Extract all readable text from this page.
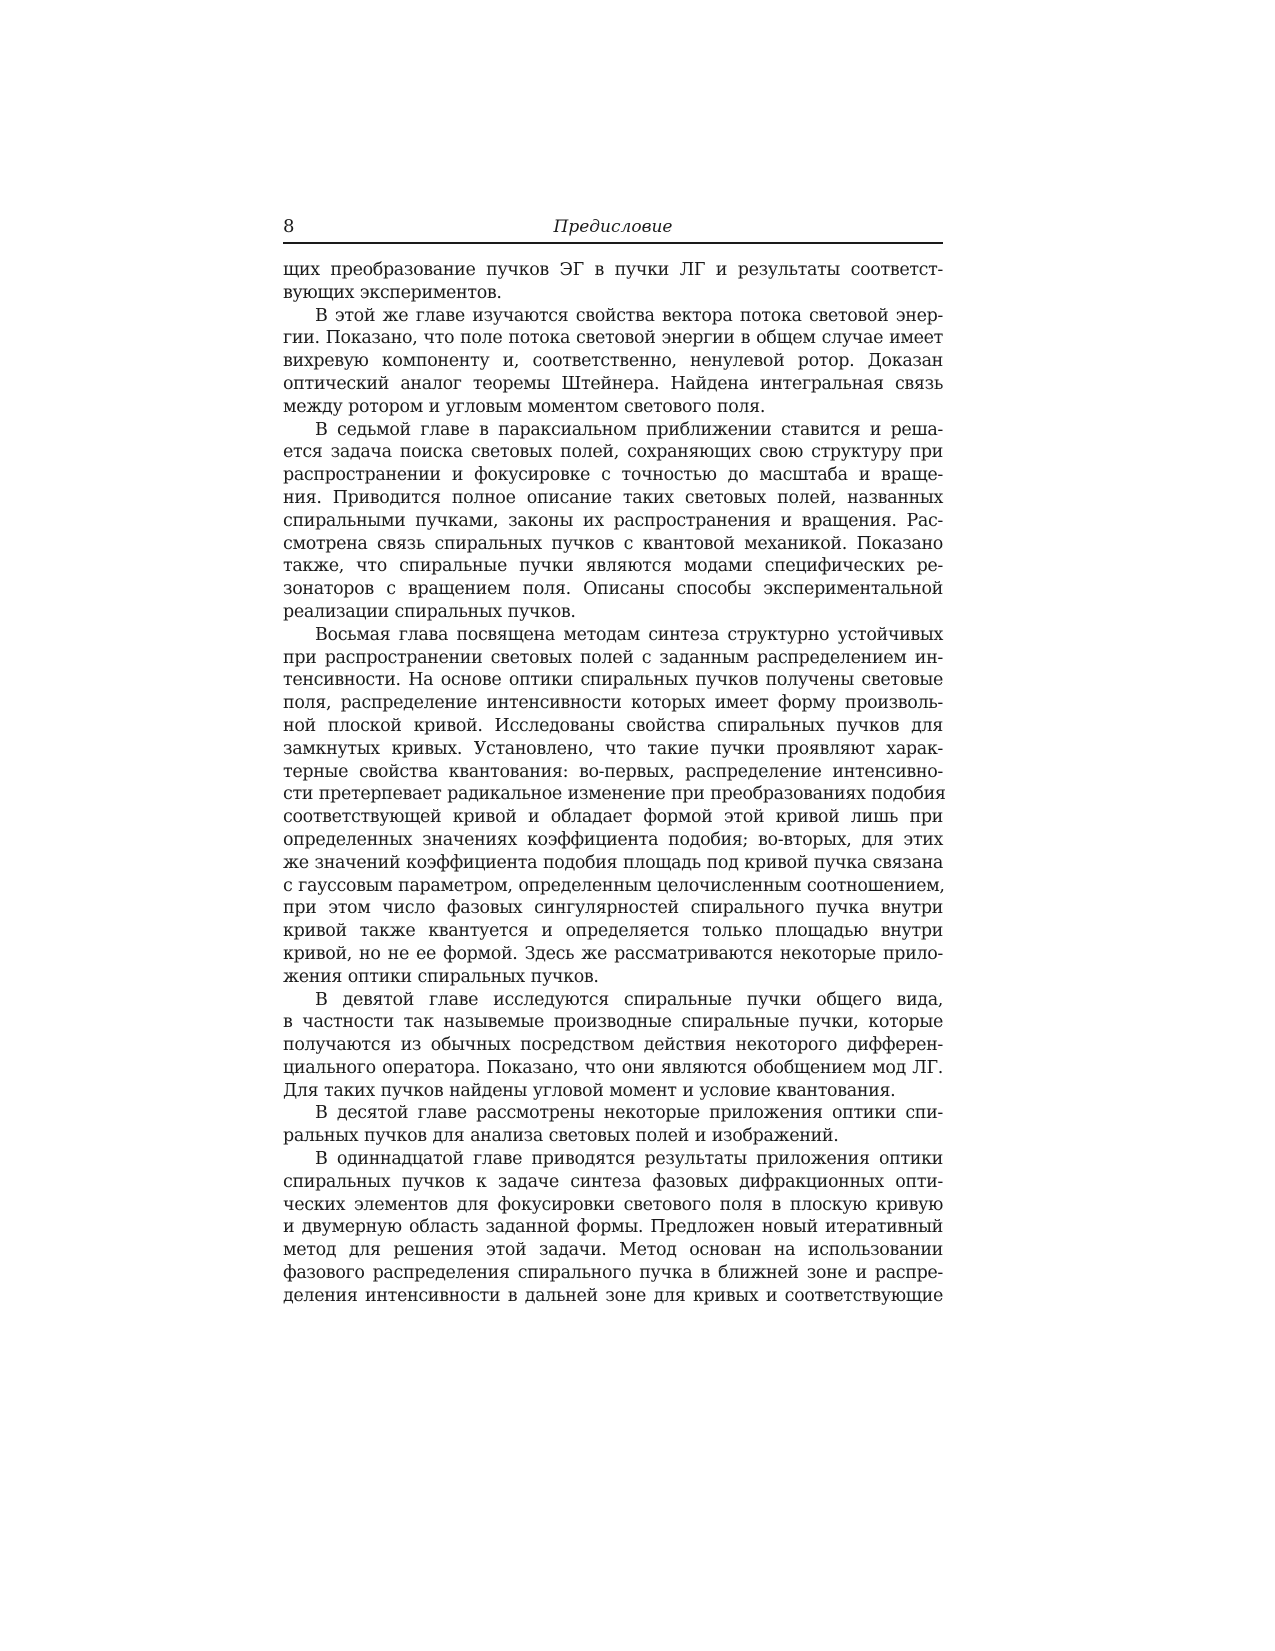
8	Предисловие
щих преобразование пучков ЭГ в пучки ЛГ и результаты соответст-
вующих экспериментов.
В этой же главе изучаются свойства вектора потока световой энер-
гии. Показано, что поле потока световой энергии в общем случае имеет
вихревую компоненту и, соответственно, ненулевой ротор. Доказан
оптический аналог теоремы Штейнера. Найдена интегральная связь
между ротором и угловым моментом светового поля.
В седьмой главе в параксиальном приближении ставится и реша-
ется задача поиска световых полей, сохраняющих свою структуру при
распространении и фокусировке с точностью до масштаба и враще-
ния. Приводится полное описание таких световых полей, названных
спиральными пучками, законы их распространения и вращения. Рас-
смотрена связь спиральных пучков с квантовой механикой. Показано
также, что спиральные пучки являются модами специфических ре-
зонаторов с вращением поля. Описаны способы экспериментальной
реализации спиральных пучков.
Восьмая глава посвящена методам синтеза структурно устойчивых
при распространении световых полей с заданным распределением ин-
тенсивности. На основе оптики спиральных пучков получены световые
поля, распределение интенсивности которых имеет форму произволь-
ной плоской кривой. Исследованы свойства спиральных пучков для
замкнутых кривых. Установлено, что такие пучки проявляют харак-
терные свойства квантования: во-первых, распределение интенсивно-
сти претерпевает радикальное изменение при преобразованиях подобия
соответствующей кривой и обладает формой этой кривой лишь при
определенных значениях коэффициента подобия; во-вторых, для этих
же значений коэффициента подобия площадь под кривой пучка связана
с гауссовым параметром, определенным целочисленным соотношением,
при этом число фазовых сингулярностей спирального пучка внутри
кривой также квантуется и определяется только площадью внутри
кривой, но не ее формой. Здесь же рассматриваются некоторые прило-
жения оптики спиральных пучков.
В девятой главе исследуются спиральные пучки общего вида,
в частности так назывемые производные спиральные пучки, которые
получаются из обычных посредством действия некоторого дифферен-
циального оператора. Показано, что они являются обобщением мод ЛГ.
Для таких пучков найдены угловой момент и условие квантования.
В десятой главе рассмотрены некоторые приложения оптики спи-
ральных пучков для анализа световых полей и изображений.
В одиннадцатой главе приводятся результаты приложения оптики
спиральных пучков к задаче синтеза фазовых дифракционных опти-
ческих элементов для фокусировки светового поля в плоскую кривую
и двумерную область заданной формы. Предложен новый итеративный
метод для решения этой задачи. Метод основан на использовании
фазового распределения спирального пучка в ближней зоне и распре-
деления интенсивности в дальней зоне для кривых и соответствующие
